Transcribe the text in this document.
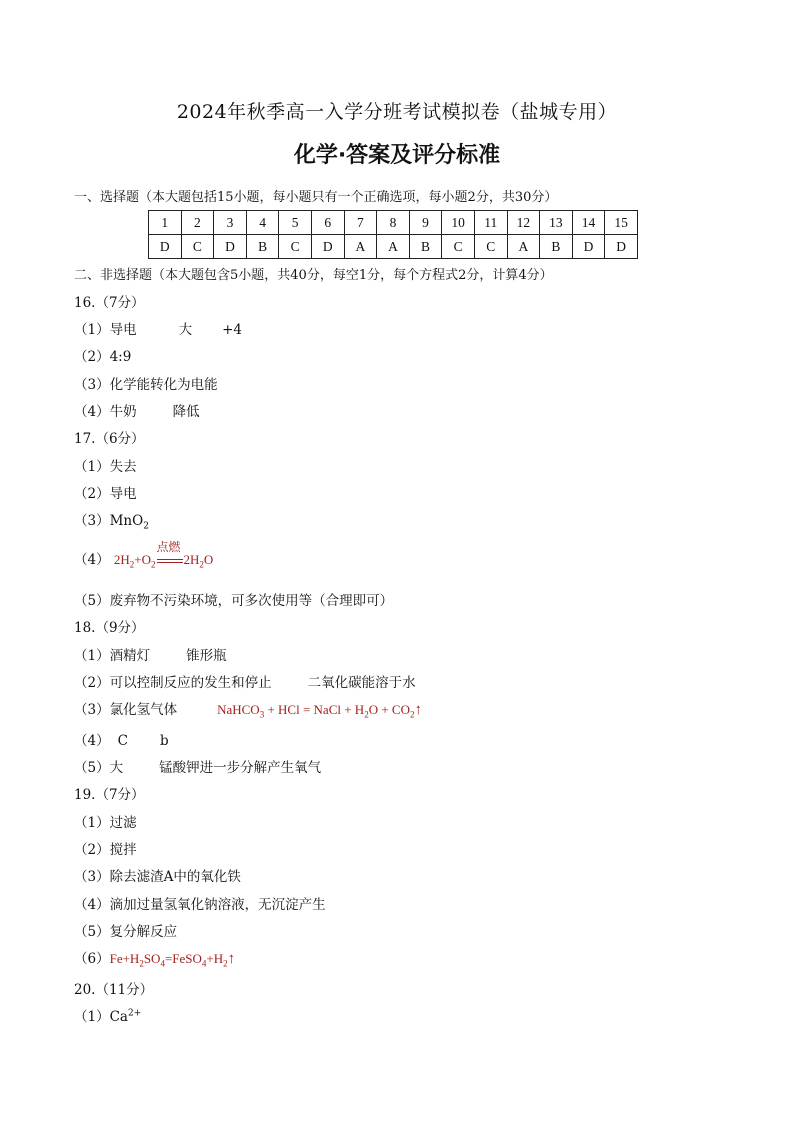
2024年秋季高一入学分班考试模拟卷（盐城专用）
化学·答案及评分标准
一、选择题（本大题包括15小题，每小题只有一个正确选项，每小题2分，共30分）
1	2	3	4	5	6	7	8	9	10	11	12	13	14	15
D	C	D	B	C	D	A	A	B	C	C	A	B	D	D
二、非选择题（本大题包含5小题，共40分，每空1分，每个方程式2分，计算4分）
16.（7分）
（1）导电	大 +4
（2）4:9
（3）化学能转化为电能
（4）牛奶	降低
17.（6分）
（1）失去
（2）导电
（3）MnO$_2$
（4） $2H_2+O_2$
点燃
$2H_2O$
（5）废弃物不污染环境，可多次使用等（合理即可）
18.（9分）
（1）酒精灯	锥形瓶
（2）可以控制反应的发生和停止	二氧化碳能溶于水
（3）氯化氢气体	NaHCO$_3$ + HCl = NaCl + $H_2O$ + $CO_2↑$
（4） C b
（5）大	锰酸钾进一步分解产生氧气
19.（7分）
（1）过滤
（2）搅拌
（3）除去滤渣A中的氧化铁
（4）滴加过量氢氧化钠溶液，无沉淀产生
（5）复分解反应
$(6)Fe+H_2SO_4=FeSO_4+H_2↑$
20.（11分）
$(1)Ca^{2+}$
